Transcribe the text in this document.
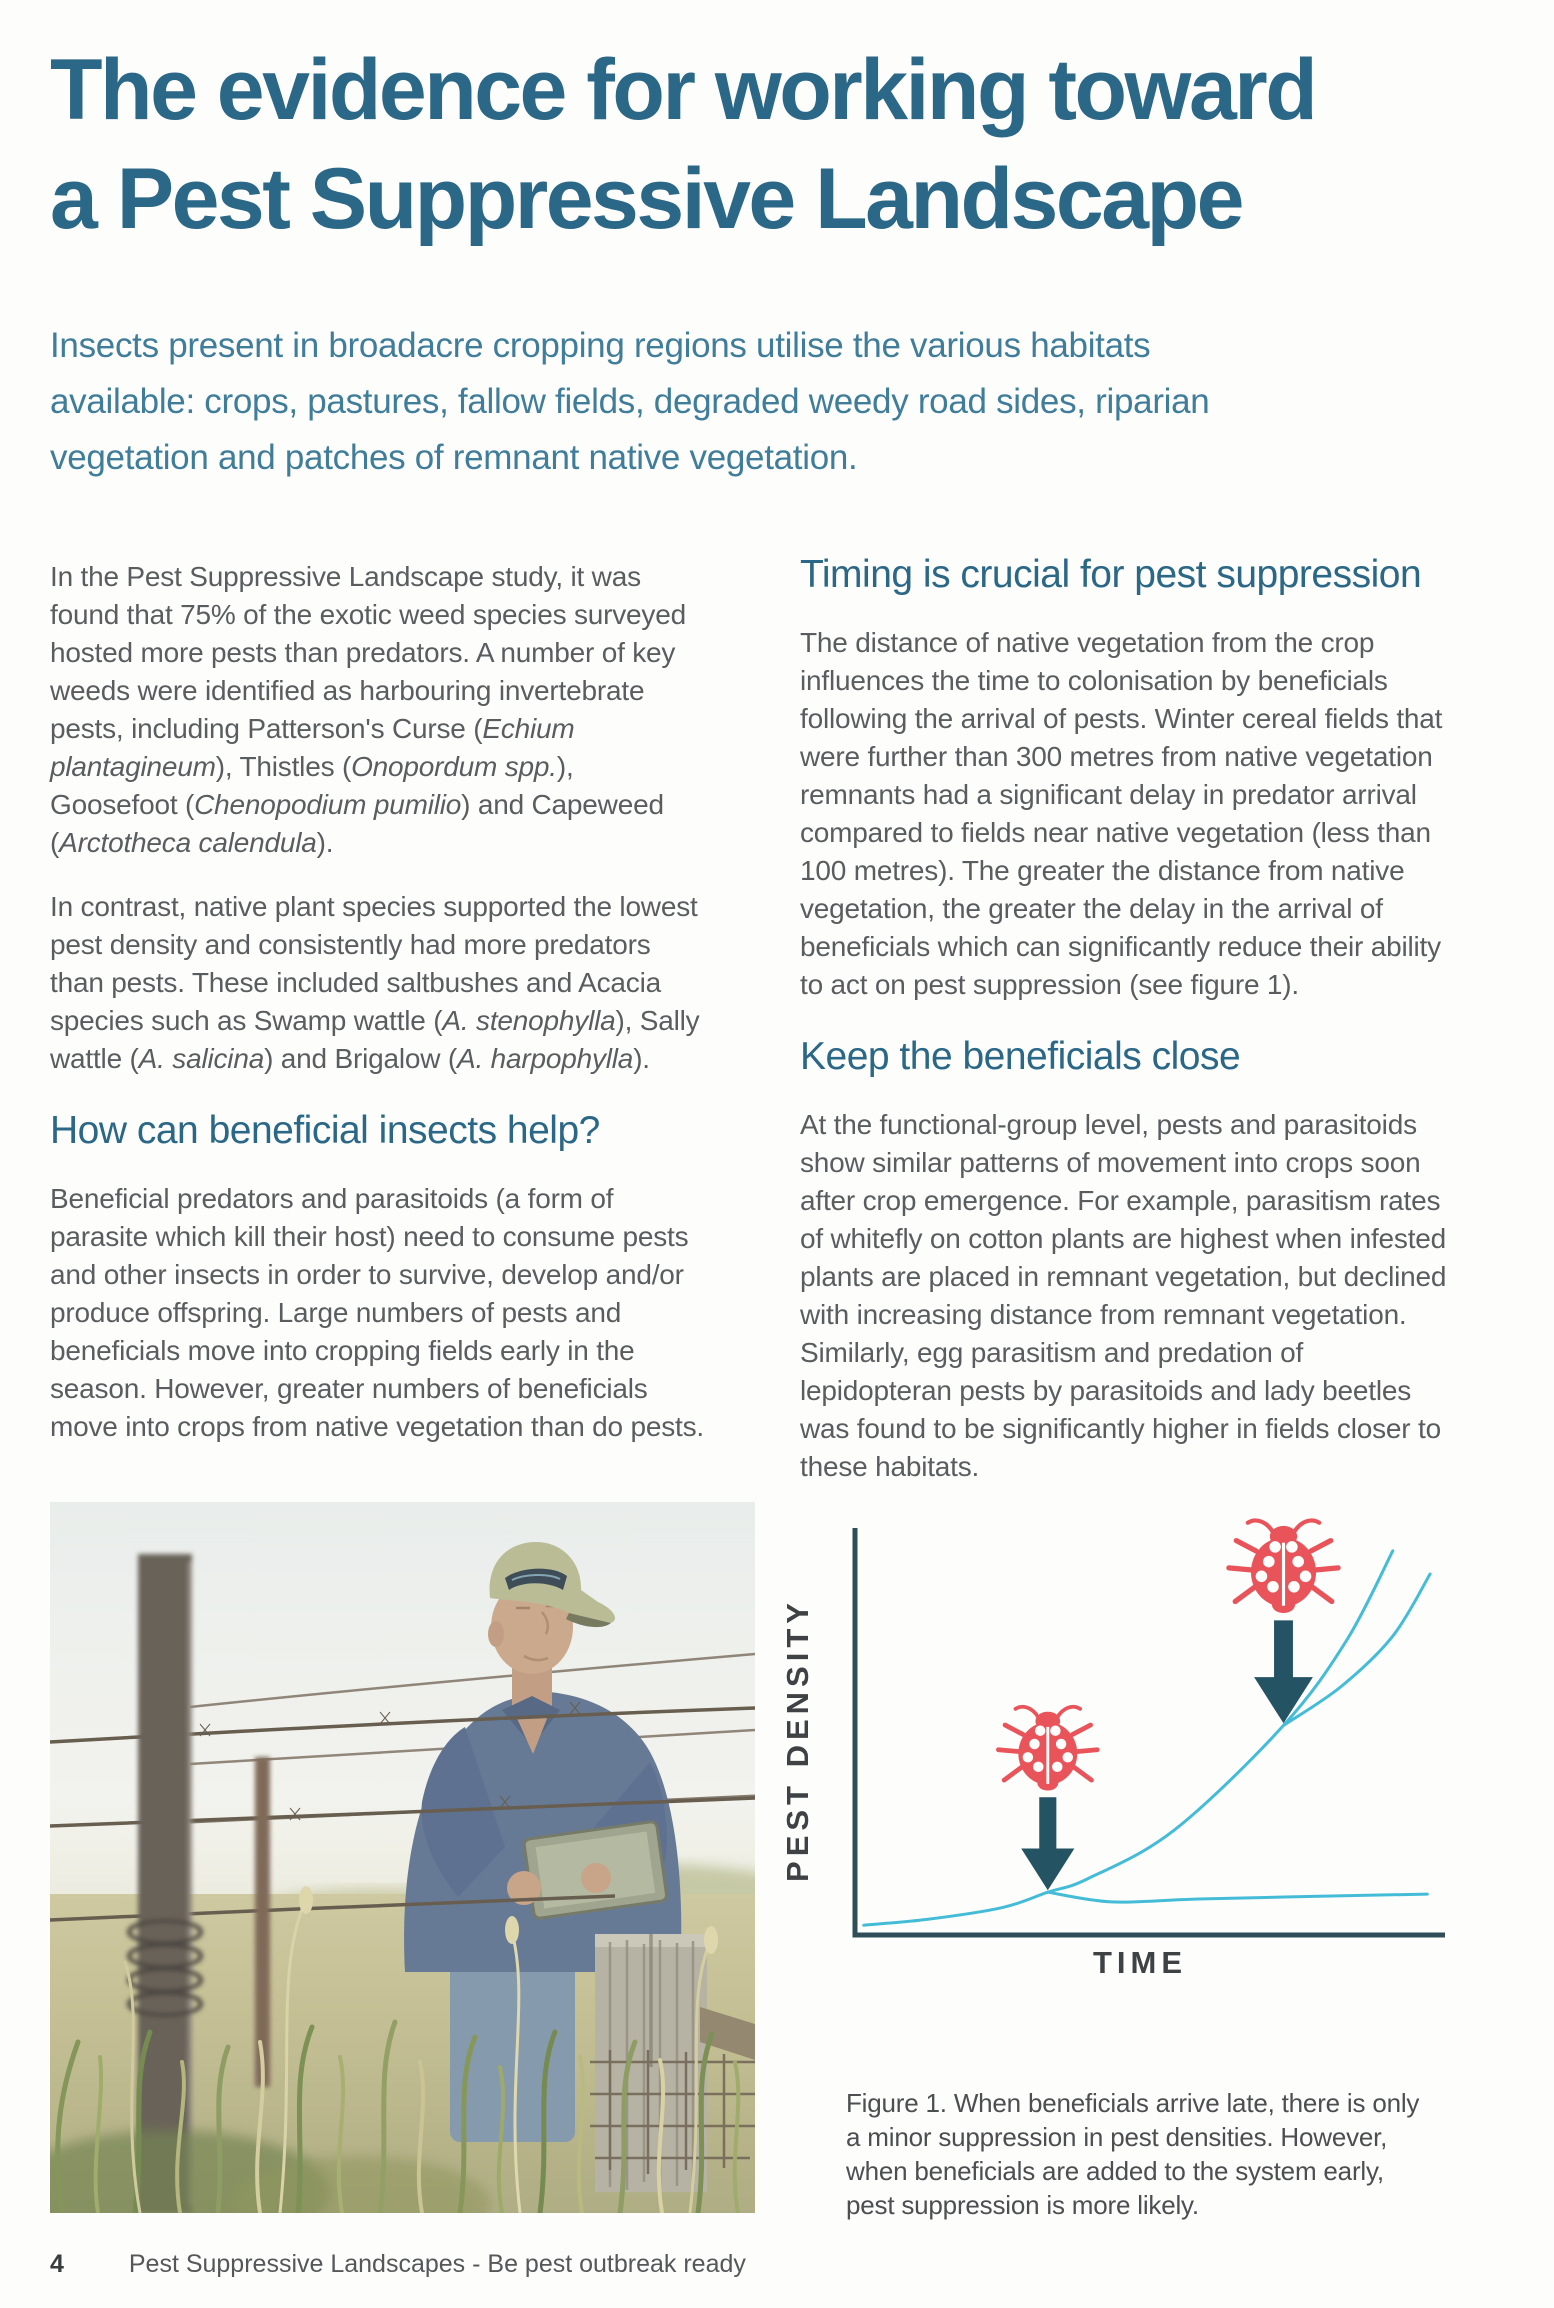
The evidence for working toward
a Pest Suppressive Landscape
Insects present in broadacre cropping regions utilise the various habitats available: crops, pastures, fallow fields, degraded weedy road sides, riparian vegetation and patches of remnant native vegetation.

In the Pest Suppressive Landscape study, it was found that 75% of the exotic weed species surveyed hosted more pests than predators. A number of key weeds were identified as harbouring invertebrate pests, including Patterson's Curse (Echium plantagineum), Thistles (Onopordum spp.), Goosefoot (Chenopodium pumilio) and Capeweed (Arctotheca calendula).

In contrast, native plant species supported the lowest pest density and consistently had more predators than pests. These included saltbushes and Acacia species such as Swamp wattle (A. stenophylla), Sally wattle (A. salicina) and Brigalow (A. harpophylla).

How can beneficial insects help?

Beneficial predators and parasitoids (a form of parasite which kill their host) need to consume pests and other insects in order to survive, develop and/or produce offspring. Large numbers of pests and beneficials move into cropping fields early in the season. However, greater numbers of beneficials move into crops from native vegetation than do pests.

Timing is crucial for pest suppression

The distance of native vegetation from the crop influences the time to colonisation by beneficials following the arrival of pests. Winter cereal fields that were further than 300 metres from native vegetation remnants had a significant delay in predator arrival compared to fields near native vegetation (less than 100 metres). The greater the distance from native vegetation, the greater the delay in the arrival of beneficials which can significantly reduce their ability to act on pest suppression (see figure 1).

Keep the beneficials close

At the functional-group level, pests and parasitoids show similar patterns of movement into crops soon after crop emergence. For example, parasitism rates of whitefly on cotton plants are highest when infested plants are placed in remnant vegetation, but declined with increasing distance from remnant vegetation. Similarly, egg parasitism and predation of lepidopteran pests by parasitoids and lady beetles was found to be significantly higher in fields closer to these habitats.

PEST DENSITY
TIME
Figure 1. When beneficials arrive late, there is only a minor suppression in pest densities. However, when beneficials are added to the system early, pest suppression is more likely.
4	Pest Suppressive Landscapes - Be pest outbreak ready
